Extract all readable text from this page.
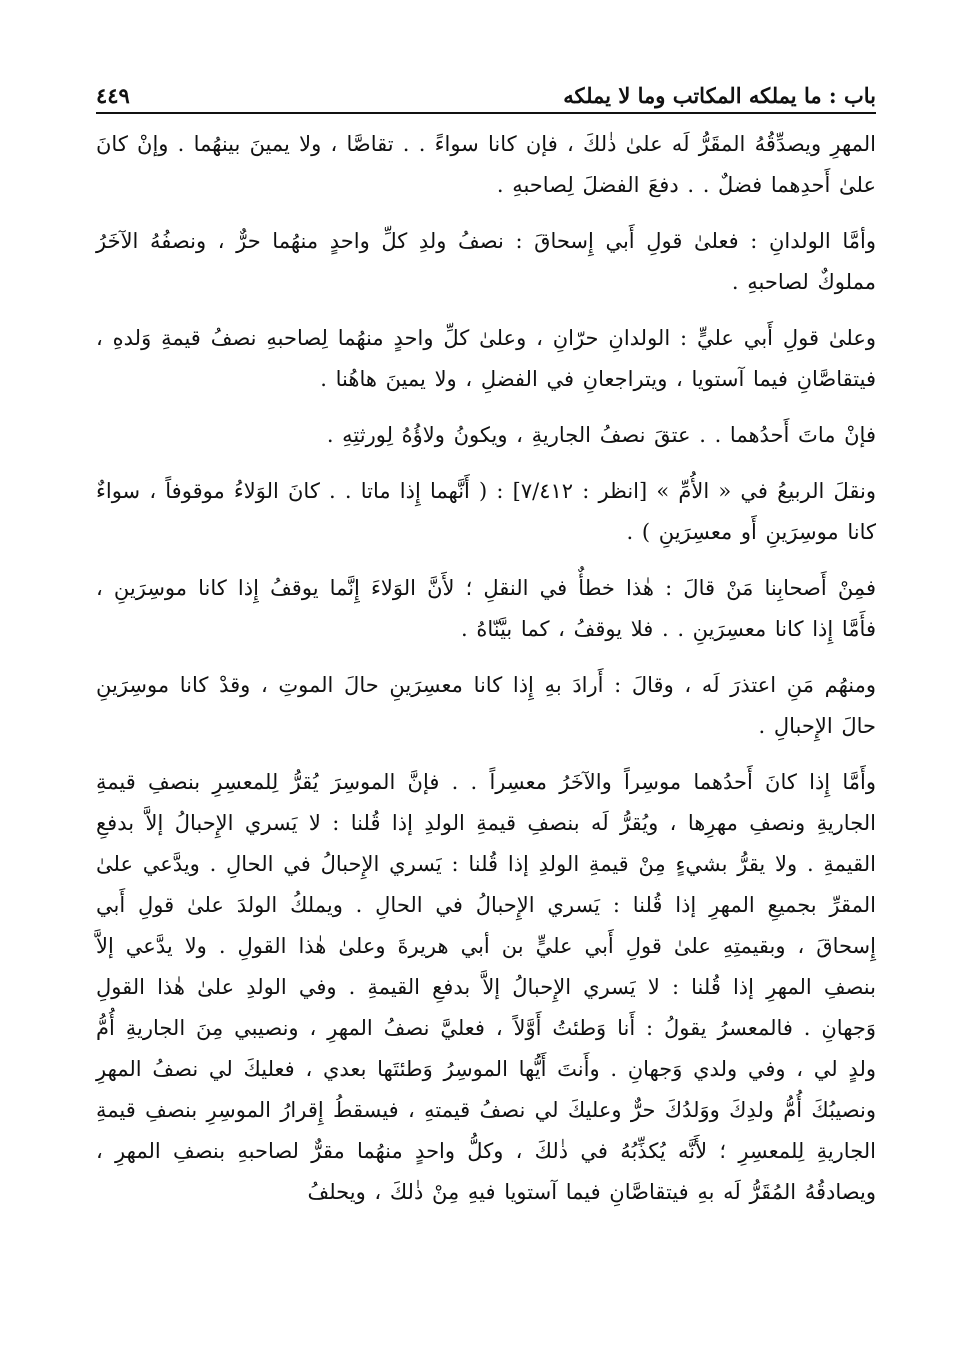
باب : ما يملكه المكاتب وما لا يملكه
٤٤٩

المهرِ ويصدِّقُهُ المقَرُّ لَه علىٰ ذٰلكَ ، فإن كانا سواءً . . تقاصَّا ، ولا يمينَ بينهُما . وإنْ كانَ علىٰ أَحدِهما فضلٌ . . دفعَ الفضلَ لِصاحبهِ .

وأمَّا الولدانِ : فعلىٰ قولِ أَبي إِسحاقَ : نصفُ ولدِ كلِّ واحدٍ منهُما حرٌّ ، ونصفُهُ الآخَرُ مملوكٌ لصاحبهِ .

وعلىٰ قولِ أَبي عليٍّ : الولدانِ حرّانِ ، وعلىٰ كلِّ واحدٍ منهُما لِصاحبهِ نصفُ قيمةِ وَلدهِ ، فيتقاصَّانِ فيما آستويا ، ويتراجعانِ في الفضلِ ، ولا يمينَ هاهُنا .

فإنْ ماتَ أَحدُهما . . عتقَ نصفُ الجاريةِ ، ويكونُ ولاؤُهُ لِورثتِهِ .

ونقلَ الربيعُ في « الأُمِّ » [انظر : ٧/٤١٢] : ( أَنَّهما إِذا ماتا . . كانَ الوَلاءُ موقوفاً ، سواءٌ كانا موسِرَينِ أَو معسِرَينِ ) .

فمِنْ أَصحابِنا مَنْ قالَ : هٰذا خطأٌ في النقلِ ؛ لأَنَّ الوَلاءَ إِنَّما يوقفُ إِذا كانا موسِرَينِ ، فأَمَّا إِذا كانا معسِرَينِ . . فلا يوقفُ ، كما بيَّنّاهُ .

ومنهُم مَنِ اعتذرَ لَه ، وقالَ : أَرادَ بهِ إِذا كانا معسِرَينِ حالَ الموتِ ، وقدْ كانا موسِرَينِ حالَ الإِحبالِ .

وأَمَّا إِذا كانَ أَحدُهما موسِراً والآخَرُ معسِراً . . فإنَّ الموسِرَ يُقرُّ لِلمعسِرِ بنصفِ قيمةِ الجاريةِ ونصفِ مهرِها ، ويُقرُّ لَه بنصفِ قيمةِ الولدِ إذا قُلنا : لا يَسري الإِحبالُ إلاَّ بدفعِ القيمةِ . ولا يقرُّ بشيءٍ مِنْ قيمةِ الولدِ إذا قُلنا : يَسري الإِحبالُ في الحالِ . ويدَّعي علىٰ المقرِّ بجميعِ المهرِ إذا قُلنا : يَسري الإِحبالُ في الحالِ . ويملكُ الولدَ علىٰ قولِ أَبي إِسحاقَ ، وبقيمتِهِ علىٰ قولِ أَبي عليٍّ بن أبي هريرةَ وعلىٰ هٰذا القولِ . ولا يدَّعي إلاَّ بنصفِ المهرِ إذا قُلنا : لا يَسري الإِحبالُ إلاَّ بدفعِ القيمةِ . وفي الولدِ علىٰ هٰذا القولِ وَجهانِ . فالمعسرُ يقولُ : أَنا وَطئتُ أَوَّلاً ، فعليَّ نصفُ المهرِ ، ونصيبي مِنَ الجاريةِ أُمُّ ولدٍ لي ، وفي ولدي وَجهانِ . وأَنتَ أَيُّها الموسِرُ وَطئتَها بعدي ، فعليكَ لي نصفُ المهرِ ونصيبُكَ أُمُّ ولدِكَ ووَلدُكَ حرٌّ وعليكَ لي نصفُ قيمتهِ ، فيسقطُ إِقرارُ الموسِرِ بنصفِ قيمةِ الجاريةِ لِلمعسِرِ ؛ لأَنَّه يُكذِّبُهُ في ذٰلكَ ، وكلُّ واحدٍ منهُما مقرٌّ لصاحبهِ بنصفِ المهرِ ، ويصادقُهُ المُقَرُّ لَه بهِ فيتقاصَّانِ فيما آستويا فيهِ مِنْ ذٰلكَ ، ويحلفُ
